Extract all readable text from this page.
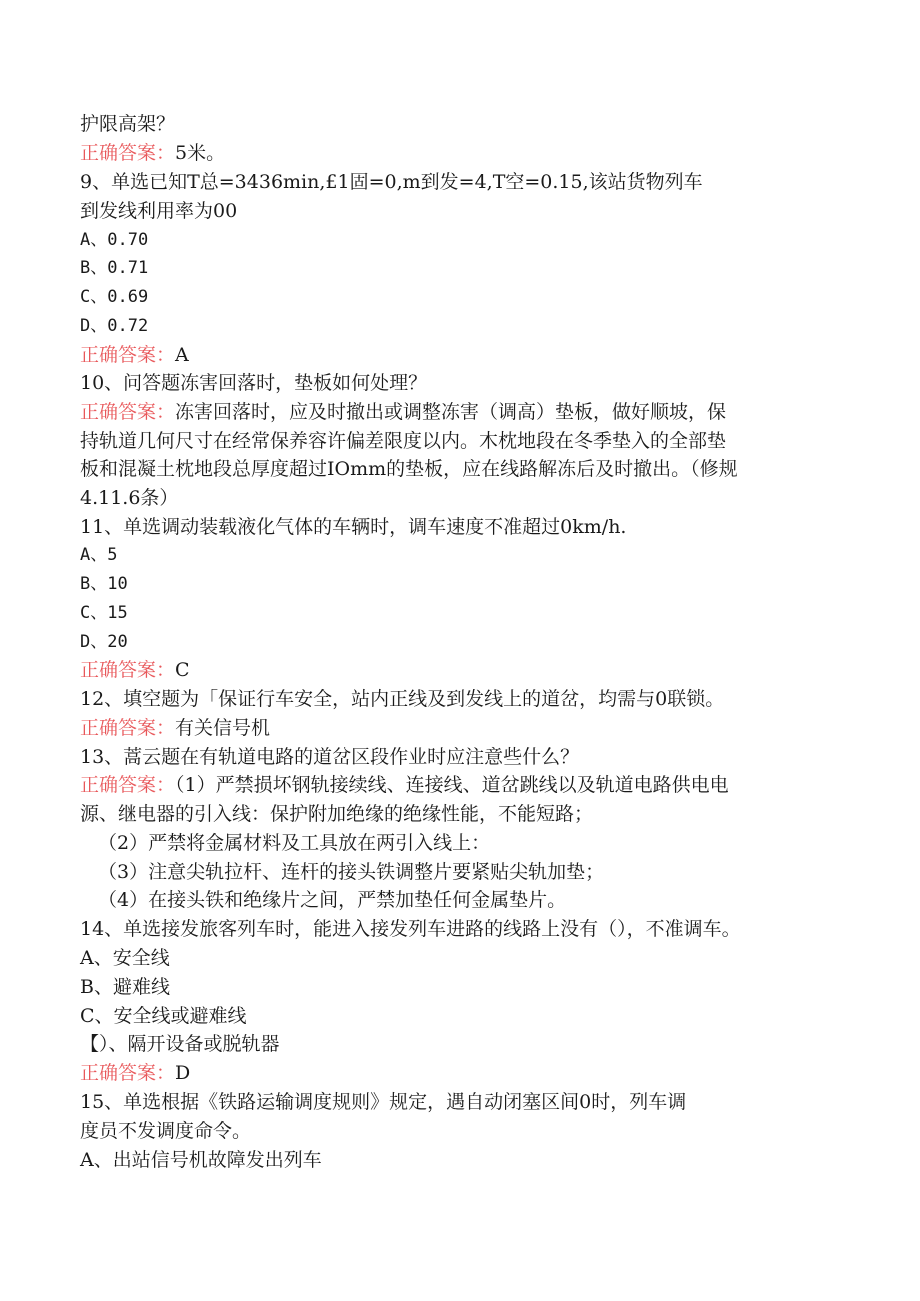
护限高架？
正确答案：5米。
9、单选已知T总=3436min,£1固=0,m到发=4,T空=0.15,该站货物列车
到发线利用率为00
A、0.70
B、0.71
C、0.69
D、0.72
正确答案：A
10、问答题冻害回落时，垫板如何处理？
正确答案：冻害回落时，应及时撤出或调整冻害（调高）垫板，做好顺坡，保
持轨道几何尺寸在经常保养容许偏差限度以内。木枕地段在冬季垫入的全部垫
板和混凝土枕地段总厚度超过IOmm的垫板，应在线路解冻后及时撤出。（修规
4.11.6条）
11、单选调动装载液化气体的车辆时，调车速度不准超过0km/h.
A、5
B、10
C、15
D、20
正确答案：C
12、填空题为「保证行车安全，站内正线及到发线上的道岔，均需与0联锁。
正确答案：有关信号机
13、蒿云题在有轨道电路的道岔区段作业时应注意些什么？
正确答案：（1）严禁损坏钢轨接续线、连接线、道岔跳线以及轨道电路供电电
源、继电器的引入线：保护附加绝缘的绝缘性能，不能短路；
（2）严禁将金属材料及工具放在两引入线上：
（3）注意尖轨拉杆、连杆的接头铁调整片要紧贴尖轨加垫；
（4）在接头铁和绝缘片之间，严禁加垫任何金属垫片。
14、单选接发旅客列车时，能进入接发列车进路的线路上没有（），不准调车。
A、安全线
B、避难线
C、安全线或避难线
【）、隔开设备或脱轨器
正确答案：D
15、单选根据《铁路运输调度规则》规定，遇自动闭塞区间0时，列车调
度员不发调度命令。
A、出站信号机故障发出列车
